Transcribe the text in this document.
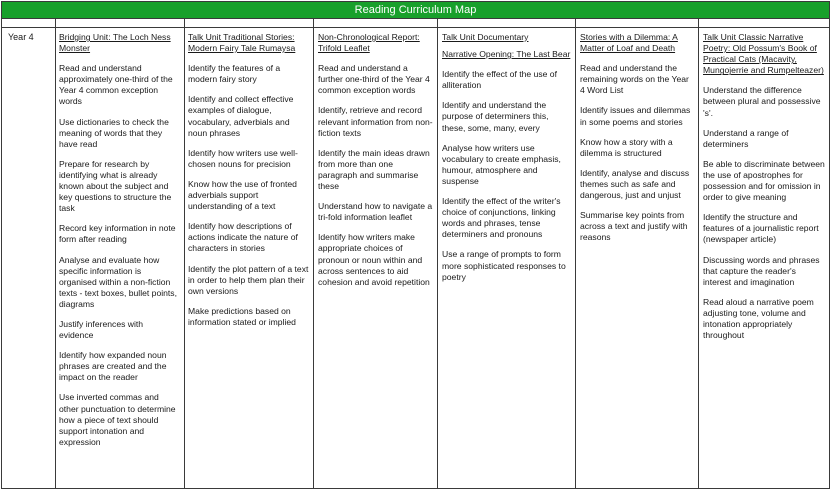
Reading Curriculum Map
Year 4	Bridging Unit: The Loch Ness Monster

Read and understand approximately one-third of the Year 4 common exception words

Use dictionaries to check the meaning of words that they have read

Prepare for research by identifying what is already known about the subject and key questions to structure the task

Record key information in note form after reading

Analyse and evaluate how specific information is organised within a non-fiction texts - text boxes, bullet points, diagrams

Justify inferences with evidence

Identify how expanded noun phrases are created and the impact on the reader

Use inverted commas and other punctuation to determine how a piece of text should support intonation and expression

Talk Unit Traditional Stories: Modern Fairy Tale Rumaysa

Identify the features of a modern fairy story

Identify and collect effective examples of dialogue, vocabulary, adverbials and noun phrases

Identify how writers use well-chosen nouns for precision

Know how the use of fronted adverbials support understanding of a text

Identify how descriptions of actions indicate the nature of characters in stories

Identify the plot pattern of a text in order to help them plan their own versions

Make predictions based on information stated or implied

Non-Chronological Report: Trifold Leaflet

Read and understand a further one-third of the Year 4 common exception words

Identify, retrieve and record relevant information from non-fiction texts

Identify the main ideas drawn from more than one paragraph and summarise these

Understand how to navigate a tri-fold information leaflet

Identify how writers make appropriate choices of pronoun or noun within and across sentences to aid cohesion and avoid repetition

Talk Unit Documentary
Narrative Opening: The Last Bear

Identify the effect of the use of alliteration

Identify and understand the purpose of determiners this, these, some, many, every

Analyse how writers use vocabulary to create emphasis, humour, atmosphere and suspense

Identify the effect of the writer's choice of conjunctions, linking words and phrases, tense determiners and pronouns

Use a range of prompts to form more sophisticated responses to poetry

Stories with a Dilemma: A Matter of Loaf and Death

Read and understand the remaining words on the Year 4 Word List

Identify issues and dilemmas in some poems and stories

Know how a story with a dilemma is structured

Identify, analyse and discuss themes such as safe and dangerous, just and unjust

Summarise key points from across a text and justify with reasons

Talk Unit Classic Narrative Poetry: Old Possum's Book of Practical Cats (Macavity, Mungojerrie and Rumpelteazer)

Understand the difference between plural and possessive 's'.

Understand a range of determiners

Be able to discriminate between the use of apostrophes for possession and for omission in order to give meaning

Identify the structure and features of a journalistic report (newspaper article)

Discussing words and phrases that capture the reader's interest and imagination

Read aloud a narrative poem adjusting tone, volume and intonation appropriately throughout
